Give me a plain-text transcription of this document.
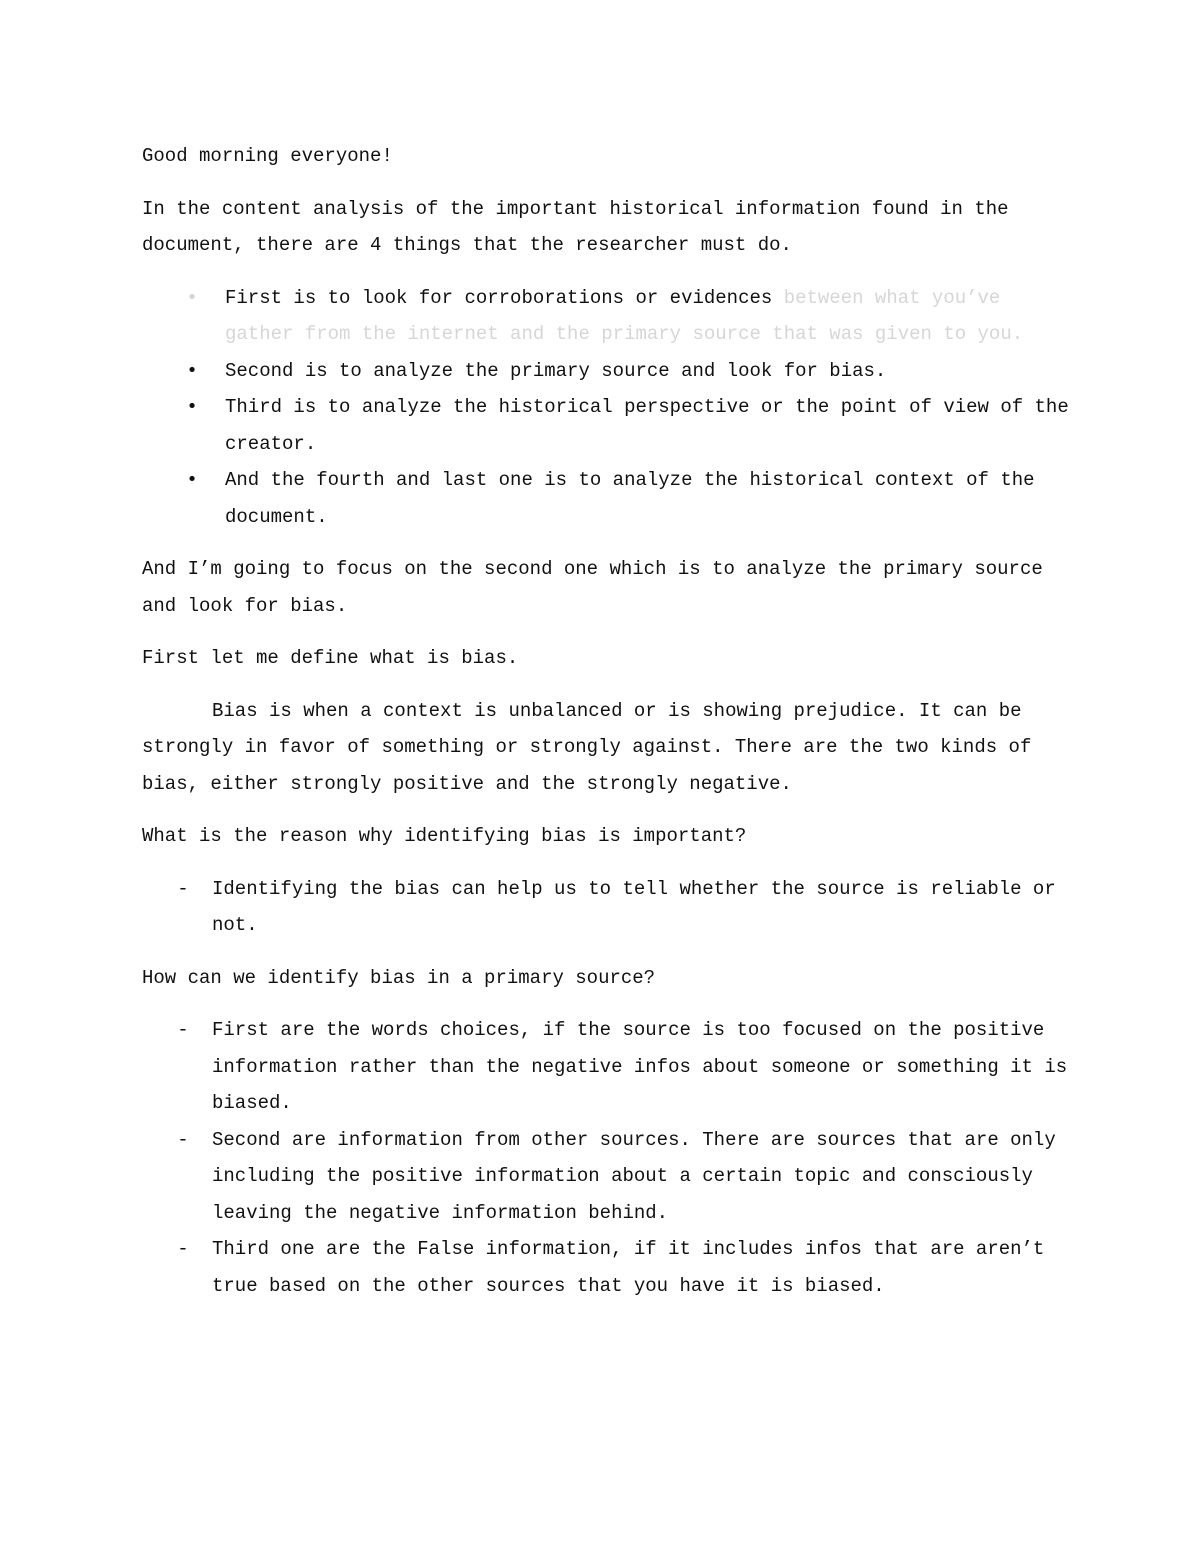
Good morning everyone!

In the content analysis of the important historical information found in the document, there are 4 things that the researcher must do.

• First is to look for corroborations or evidences between what you’ve gather from the internet and the primary source that was given to you.
• Second is to analyze the primary source and look for bias.
• Third is to analyze the historical perspective or the point of view of the creator.
• And the fourth and last one is to analyze the historical context of the document.

And I’m going to focus on the second one which is to analyze the primary source and look for bias.

First let me define what is bias.

Bias is when a context is unbalanced or is showing prejudice. It can be strongly in favor of something or strongly against. There are the two kinds of bias, either strongly positive and the strongly negative.

What is the reason why identifying bias is important?

- Identifying the bias can help us to tell whether the source is reliable or not.

How can we identify bias in a primary source?

- First are the words choices, if the source is too focused on the positive information rather than the negative infos about someone or something it is biased.
- Second are information from other sources. There are sources that are only including the positive information about a certain topic and consciously leaving the negative information behind.
- Third one are the False information, if it includes infos that are aren’t true based on the other sources that you have it is biased.
